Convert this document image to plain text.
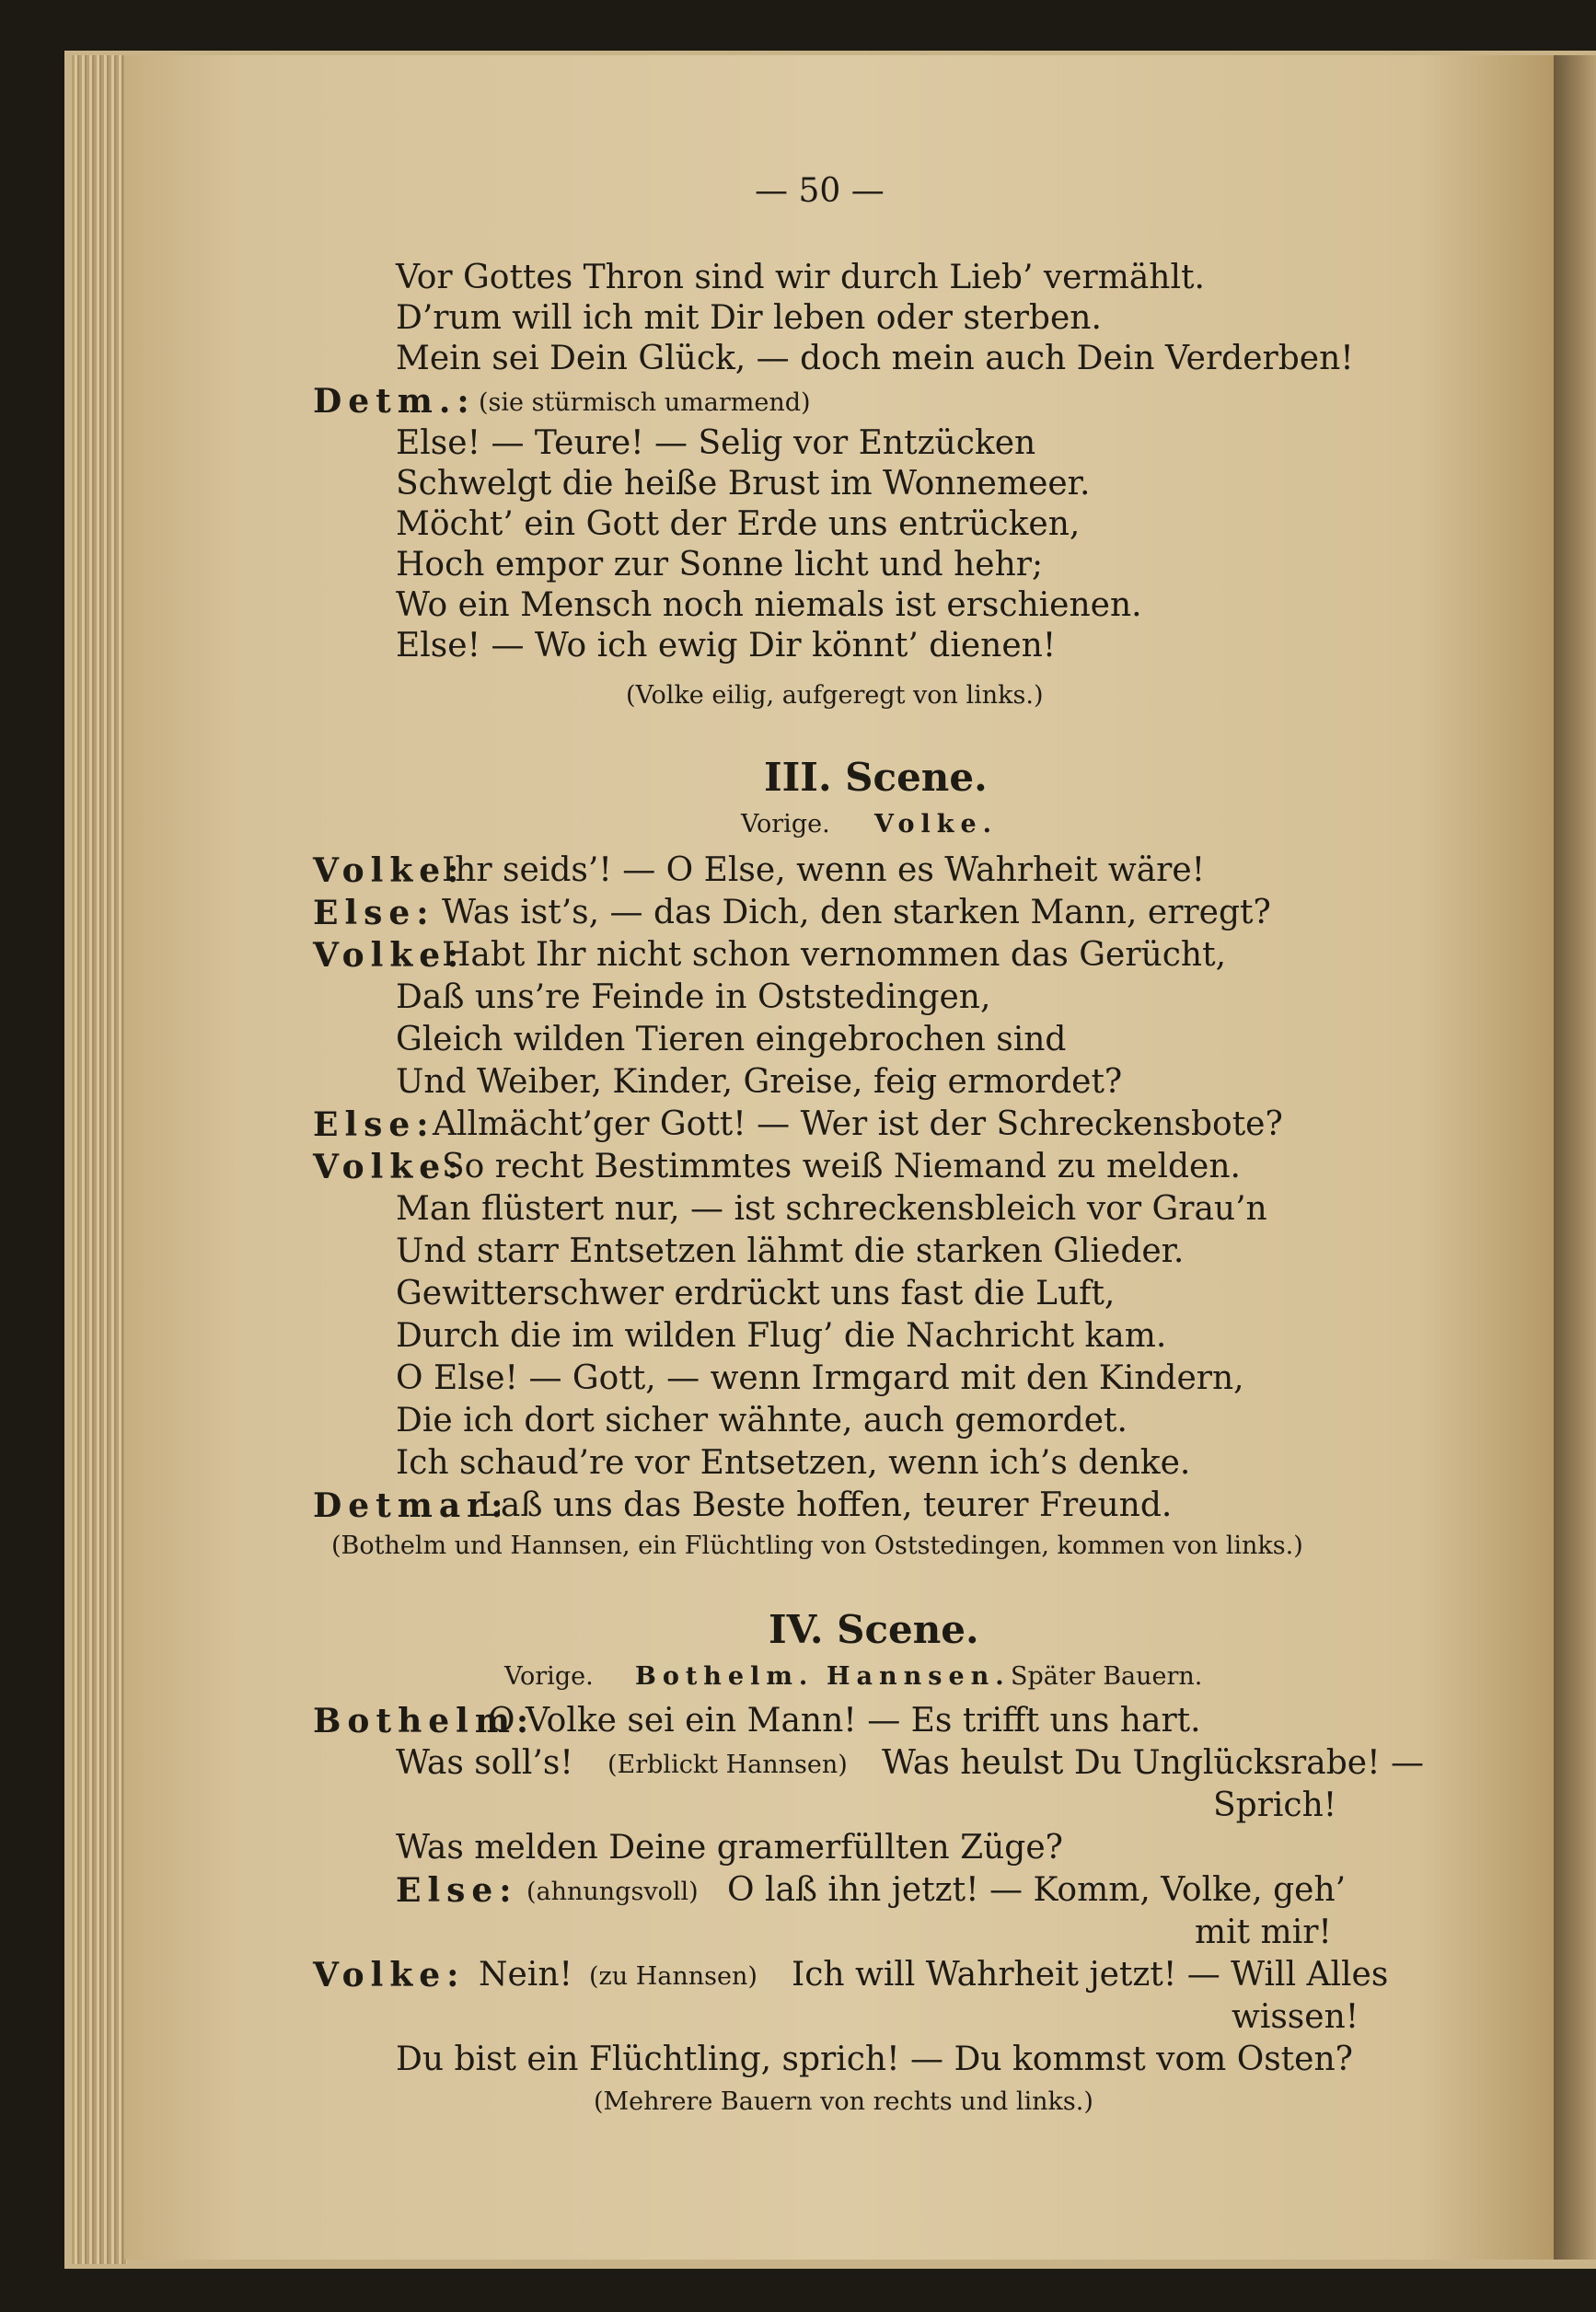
— 50 —
Vor Gottes Thron sind wir durch Lieb’ vermählt.
D’rum will ich mit Dir leben oder sterben.
Mein sei Dein Glück, — doch mein auch Dein Verderben!
Detm.: (sie stürmisch umarmend)
Else! — Teure! — Selig vor Entzücken
Schwelgt die heiße Brust im Wonnemeer.
Möcht’ ein Gott der Erde uns entrücken,
Hoch empor zur Sonne licht und hehr;
Wo ein Mensch noch niemals ist erschienen.
Else! — Wo ich ewig Dir könnt’ dienen!
(Volke eilig, aufgeregt von links.)
III. Scene.
Vorige. Volke.
Volke:
Ihr seids’! — O Else, wenn es Wahrheit wäre!
Else: Was ist’s, — das Dich, den starken Mann, erregt?
Volke:
Habt Ihr nicht schon vernommen das Gerücht,
Daß uns’re Feinde in Oststedingen,
Gleich wilden Tieren eingebrochen sind
Und Weiber, Kinder, Greise, feig ermordet?
Else:
Allmächt’ger Gott! — Wer ist der Schreckensbote?
Volke:
So recht Bestimmtes weiß Niemand zu melden.
Man flüstert nur, — ist schreckensbleich vor Grau’n
Und starr Entsetzen lähmt die starken Glieder.
Gewitterschwer erdrückt uns fast die Luft,
Durch die im wilden Flug’ die Nachricht kam.
O Else! — Gott, — wenn Irmgard mit den Kindern,
Die ich dort sicher wähnte, auch gemordet.
Ich schaud’re vor Entsetzen, wenn ich’s denke.
Detmar:
Laß uns das Beste hoffen, teurer Freund.
(Bothelm und Hannsen, ein Flüchtling von Oststedingen, kommen von links.)
IV. Scene.
Vorige. Bothelm. Hannsen. Später Bauern.
Bothelm:
O Volke sei ein Mann! — Es trifft uns hart.
Was soll’s! (Erblickt Hannsen) Was heulst Du Unglücksrabe! —
Sprich!
Was melden Deine gramerfüllten Züge?
Else: (ahnungsvoll) O laß ihn jetzt! — Komm, Volke, geh’
mit mir!
Volke: Nein! (zu Hannsen) Ich will Wahrheit jetzt! — Will Alles
wissen!
Du bist ein Flüchtling, sprich! — Du kommst vom Osten?
(Mehrere Bauern von rechts und links.)
